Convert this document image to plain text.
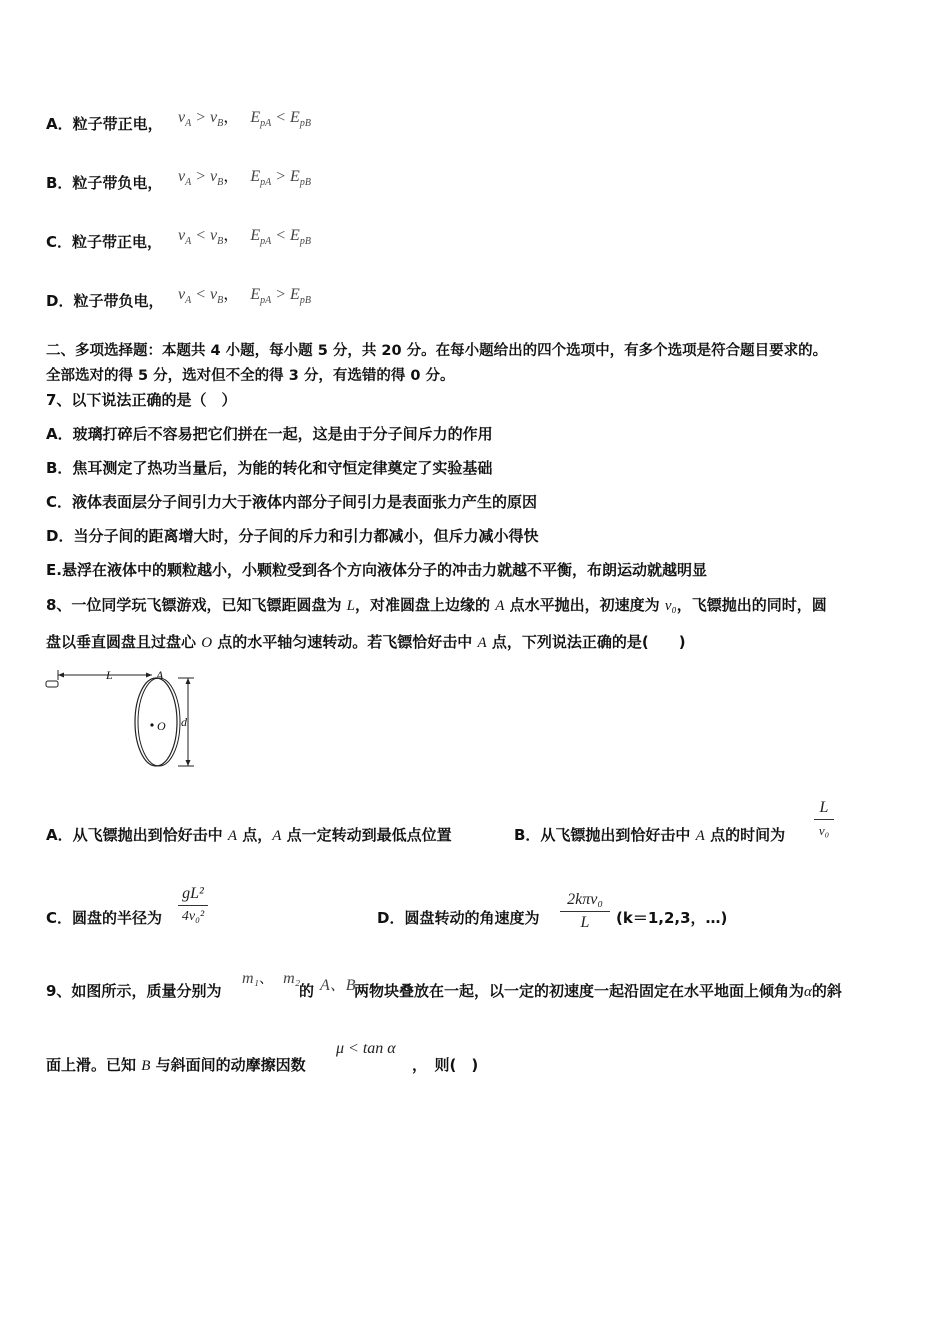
A．粒子带正电， $v_A > v_B$， $E_{pA} < E_{pB}$
B．粒子带负电， $v_A > v_B$， $E_{pA} > E_{pB}$
C．粒子带正电， $v_A < v_B$， $E_{pA} < E_{pB}$
D．粒子带负电， $v_A < v_B$， $E_{pA} > E_{pB}$
二、多项选择题：本题共 4 小题，每小题 5 分，共 20 分。在每小题给出的四个选项中，有多个选项是符合题目要求的。
全部选对的得 5 分，选对但不全的得 3 分，有选错的得 0 分。
7、以下说法正确的是（　）
A．玻璃打碎后不容易把它们拼在一起，这是由于分子间斥力的作用
B．焦耳测定了热功当量后，为能的转化和守恒定律奠定了实验基础
C．液体表面层分子间引力大于液体内部分子间引力是表面张力产生的原因
D．当分子间的距离增大时，分子间的斥力和引力都减小，但斥力减小得快
E.悬浮在液体中的颗粒越小，小颗粒受到各个方向液体分子的冲击力就越不平衡，布朗运动就越明显
8、一位同学玩飞镖游戏，已知飞镖距圆盘为 L，对准圆盘上边缘的 A 点水平抛出，初速度为 v₀，飞镖抛出的同时，圆
盘以垂直圆盘且过盘心 O 点的水平轴匀速转动。若飞镖恰好击中 A 点，下列说法正确的是(　　)
L	A
O d
A．从飞镖抛出到恰好击中 A 点，A 点一定转动到最低点位置	B．从飞镖抛出到恰好击中 A 点的时间为
L
v₀
C．圆盘的半径为
gL²
4v₀²	D．圆盘转动的角速度为
2kπv₀
L	(k＝1,2,3，…)
9、如图所示，质量分别为
m₁、 m₂
的 A、B
两物块叠放在一起，以一定的初速度一起沿固定在水平地面上倾角为α的斜
面上滑。已知 B 与斜面间的动摩擦因数
μ < tan α
，　则(　)
